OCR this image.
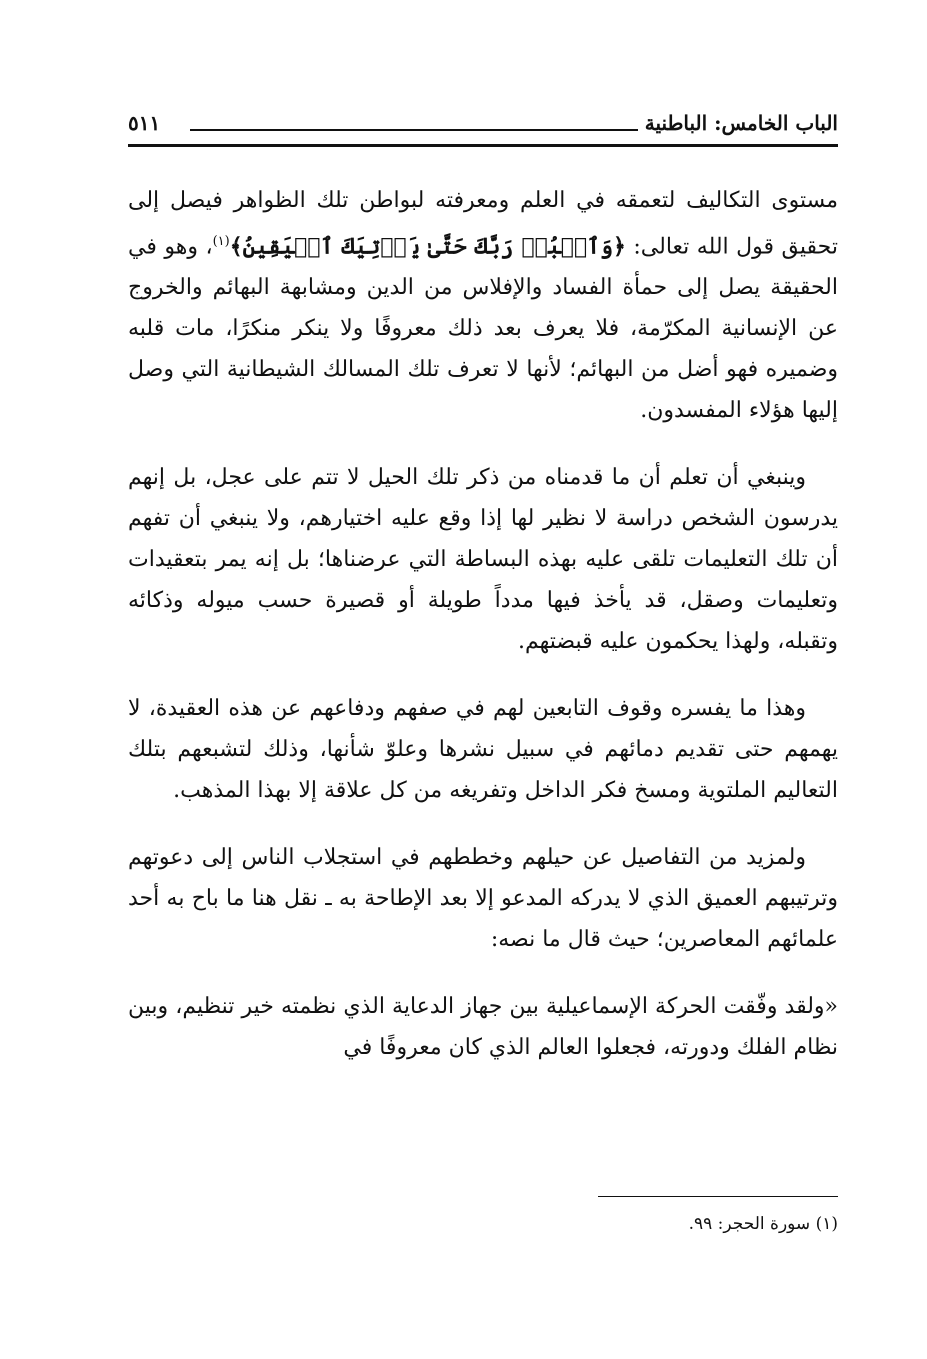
الباب الخامس: الباطنية
٥١١

مستوى التكاليف لتعمقه في العلم ومعرفته لبواطن تلك الظواهر فيصل إلى تحقيق قول الله تعالى: ﴿وَٱعۡبُدۡ رَبَّكَ حَتَّىٰ يَأۡتِيَكَ ٱلۡيَقِينُ﴾$^{(١)}$، وهو في الحقيقة يصل إلى حمأة الفساد والإفلاس من الدين ومشابهة البهائم والخروج عن الإنسانية المكرّمة، فلا يعرف بعد ذلك معروفًا ولا ينكر منكرًا، مات قلبه وضميره فهو أضل من البهائم؛ لأنها لا تعرف تلك المسالك الشيطانية التي وصل إليها هؤلاء المفسدون.

وينبغي أن تعلم أن ما قدمناه من ذكر تلك الحيل لا تتم على عجل، بل إنهم يدرسون الشخص دراسة لا نظير لها إذا وقع عليه اختيارهم، ولا ينبغي أن تفهم أن تلك التعليمات تلقى عليه بهذه البساطة التي عرضناها؛ بل إنه يمر بتعقيدات وتعليمات وصقل، قد يأخذ فيها مدداً طويلة أو قصيرة حسب ميوله وذكائه وتقبله، ولهذا يحكمون عليه قبضتهم.

وهذا ما يفسره وقوف التابعين لهم في صفهم ودفاعهم عن هذه العقيدة، لا يهمهم حتى تقديم دمائهم في سبيل نشرها وعلوّ شأنها، وذلك لتشبعهم بتلك التعاليم الملتوية ومسخ فكر الداخل وتفريغه من كل علاقة إلا بهذا المذهب.

ولمزيد من التفاصيل عن حيلهم وخططهم في استجلاب الناس إلى دعوتهم وترتيبهم العميق الذي لا يدركه المدعو إلا بعد الإطاحة به ـ نقل هنا ما باح به أحد علمائهم المعاصرين؛ حيث قال ما نصه:

«ولقد وفّقت الحركة الإسماعيلية بين جهاز الدعاية الذي نظمته خير تنظيم، وبين نظام الفلك ودورته، فجعلوا العالم الذي كان معروفًا في

(١) سورة الحجر: ٩٩.
